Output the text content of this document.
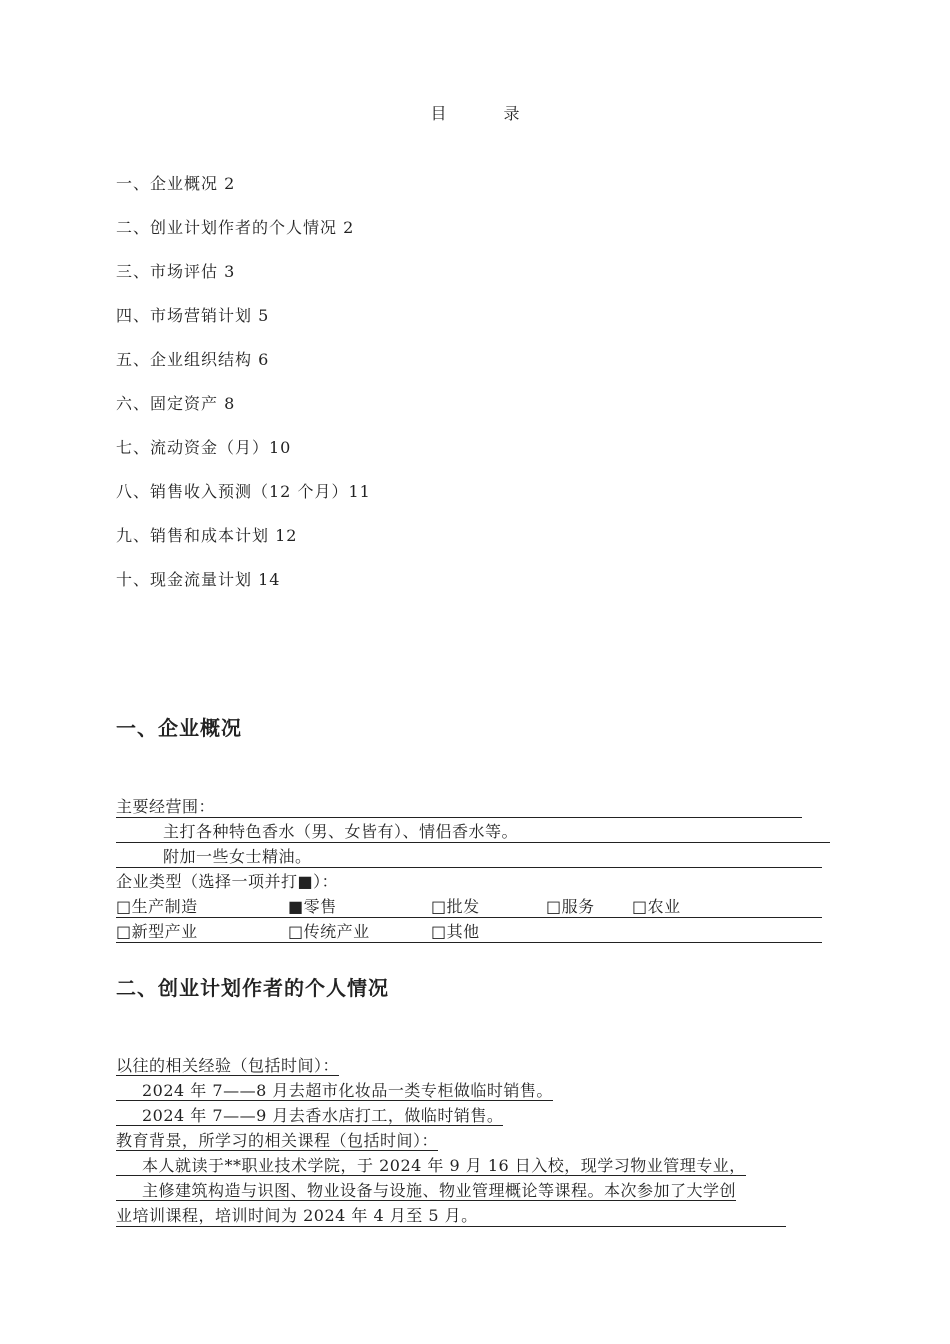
目 录
一、企业概况 2
二、创业计划作者的个人情况 2
三、市场评估 3
四、市场营销计划 5
五、企业组织结构 6
六、固定资产 8
七、流动资金（月）10
八、销售收入预测（12 个月）11
九、销售和成本计划 12
十、现金流量计划 14
一、企业概况
主要经营围：
主打各种特色香水（男、女皆有）、情侣香水等。
附加一些女士精油。
企业类型（选择一项并打■）：
□生产制造	■零售	□批发	□服务 □农业
□新型产业	□传统产业	□其他
二、创业计划作者的个人情况
以往的相关经验（包括时间）：
2024 年 7——8 月去超市化妆品一类专柜做临时销售。
2024 年 7——9 月去香水店打工，做临时销售。
教育背景，所学习的相关课程（包括时间）：
本人就读于**职业技术学院，于 2024 年 9 月 16 日入校，现学习物业管理专业，
主修建筑构造与识图、物业设备与设施、物业管理概论等课程。本次参加了大学创
业培训课程，培训时间为 2024 年 4 月至 5 月。
